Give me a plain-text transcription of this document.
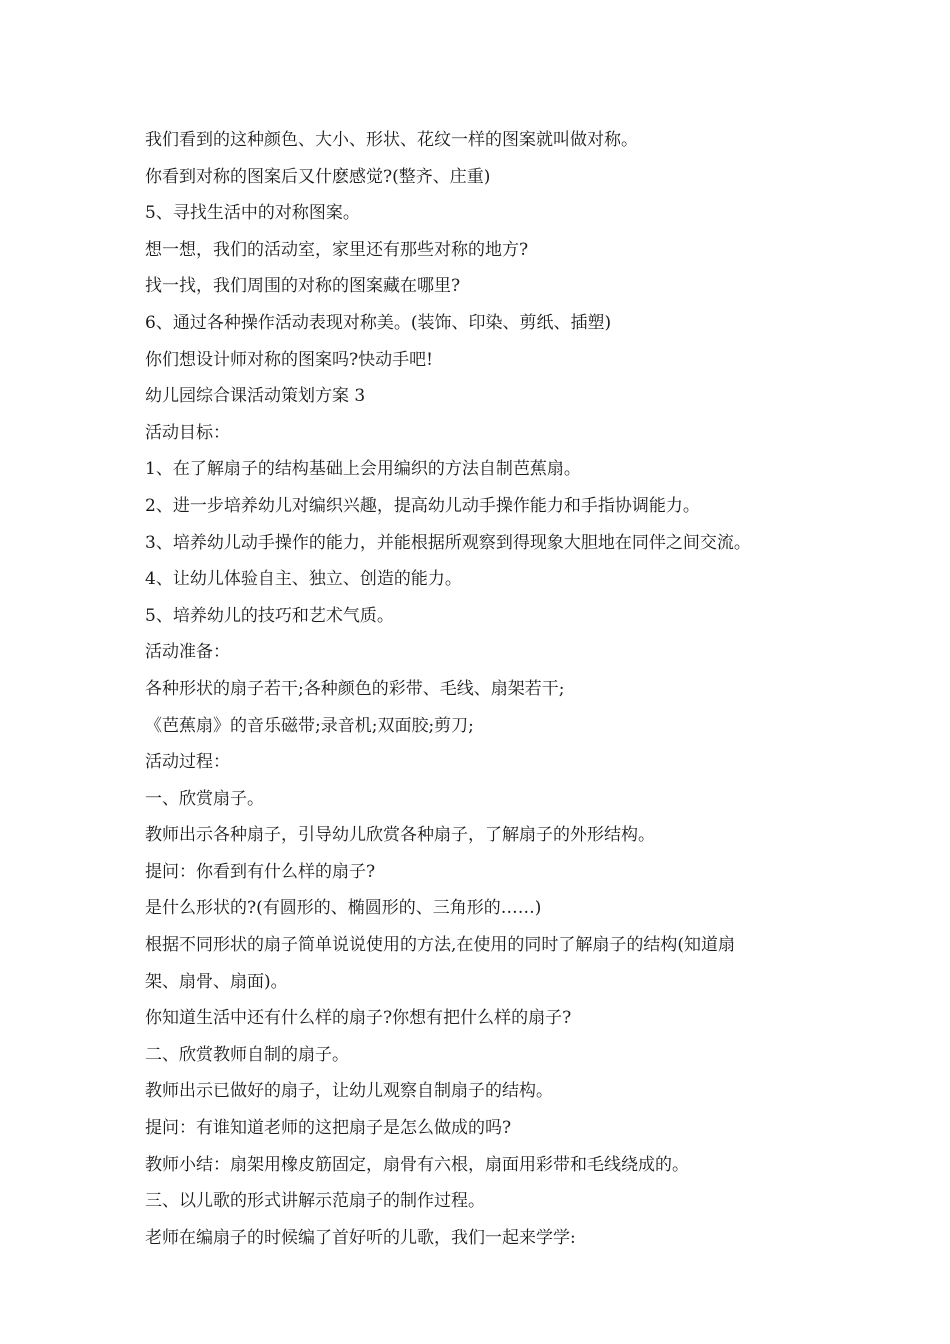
我们看到的这种颜色、大小、形状、花纹一样的图案就叫做对称。

你看到对称的图案后又什麽感觉?(整齐、庄重)

5、寻找生活中的对称图案。

想一想，我们的活动室，家里还有那些对称的地方?

找一找，我们周围的对称的图案藏在哪里?

6、通过各种操作活动表现对称美。(装饰、印染、剪纸、插塑)

你们想设计师对称的图案吗?快动手吧!

幼儿园综合课活动策划方案 3

活动目标：

1、在了解扇子的结构基础上会用编织的方法自制芭蕉扇。

2、进一步培养幼儿对编织兴趣，提高幼儿动手操作能力和手指协调能力。

3、培养幼儿动手操作的能力，并能根据所观察到得现象大胆地在同伴之间交流。

4、让幼儿体验自主、独立、创造的能力。

5、培养幼儿的技巧和艺术气质。

活动准备：

各种形状的扇子若干;各种颜色的彩带、毛线、扇架若干;

《芭蕉扇》的音乐磁带;录音机;双面胶;剪刀;

活动过程：

一、欣赏扇子。

教师出示各种扇子，引导幼儿欣赏各种扇子，了解扇子的外形结构。

提问：你看到有什么样的扇子?

是什么形状的?(有圆形的、椭圆形的、三角形的……)

根据不同形状的扇子简单说说使用的方法,在使用的同时了解扇子的结构(知道扇

架、扇骨、扇面)。

你知道生活中还有什么样的扇子?你想有把什么样的扇子?

二、欣赏教师自制的扇子。

教师出示已做好的扇子，让幼儿观察自制扇子的结构。

提问：有谁知道老师的这把扇子是怎么做成的吗?

教师小结：扇架用橡皮筋固定，扇骨有六根，扇面用彩带和毛线绕成的。

三、以儿歌的形式讲解示范扇子的制作过程。

老师在编扇子的时候编了首好听的儿歌，我们一起来学学:
